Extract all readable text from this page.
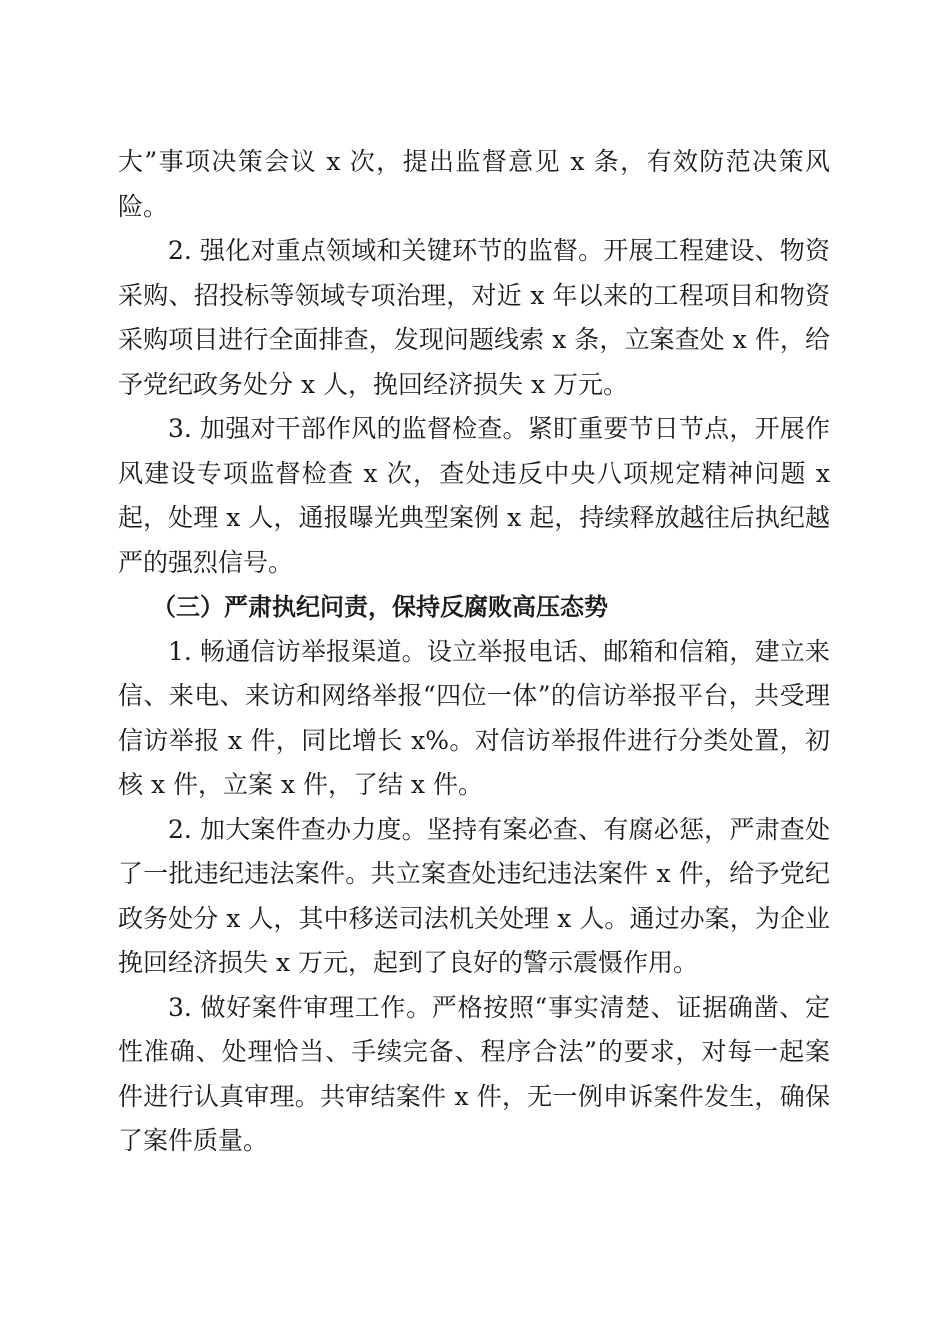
大”事项决策会议 x 次，提出监督意见 x 条，有效防范决策风险。

2. 强化对重点领域和关键环节的监督。开展工程建设、物资采购、招投标等领域专项治理，对近 x 年以来的工程项目和物资采购项目进行全面排查，发现问题线索 x 条，立案查处 x 件，给予党纪政务处分 x 人，挽回经济损失 x 万元。

3. 加强对干部作风的监督检查。紧盯重要节日节点，开展作风建设专项监督检查 x 次，查处违反中央八项规定精神问题 x 起，处理 x 人，通报曝光典型案例 x 起，持续释放越往后执纪越严的强烈信号。

（三）严肃执纪问责，保持反腐败高压态势

1. 畅通信访举报渠道。设立举报电话、邮箱和信箱，建立来信、来电、来访和网络举报“四位一体”的信访举报平台，共受理信访举报 x 件，同比增长 x%。对信访举报件进行分类处置，初核 x 件，立案 x 件，了结 x 件。

2. 加大案件查办力度。坚持有案必查、有腐必惩，严肃查处了一批违纪违法案件。共立案查处违纪违法案件 x 件，给予党纪政务处分 x 人，其中移送司法机关处理 x 人。通过办案，为企业挽回经济损失 x 万元，起到了良好的警示震慑作用。

3. 做好案件审理工作。严格按照“事实清楚、证据确凿、定性准确、处理恰当、手续完备、程序合法”的要求，对每一起案件进行认真审理。共审结案件 x 件，无一例申诉案件发生，确保了案件质量。
